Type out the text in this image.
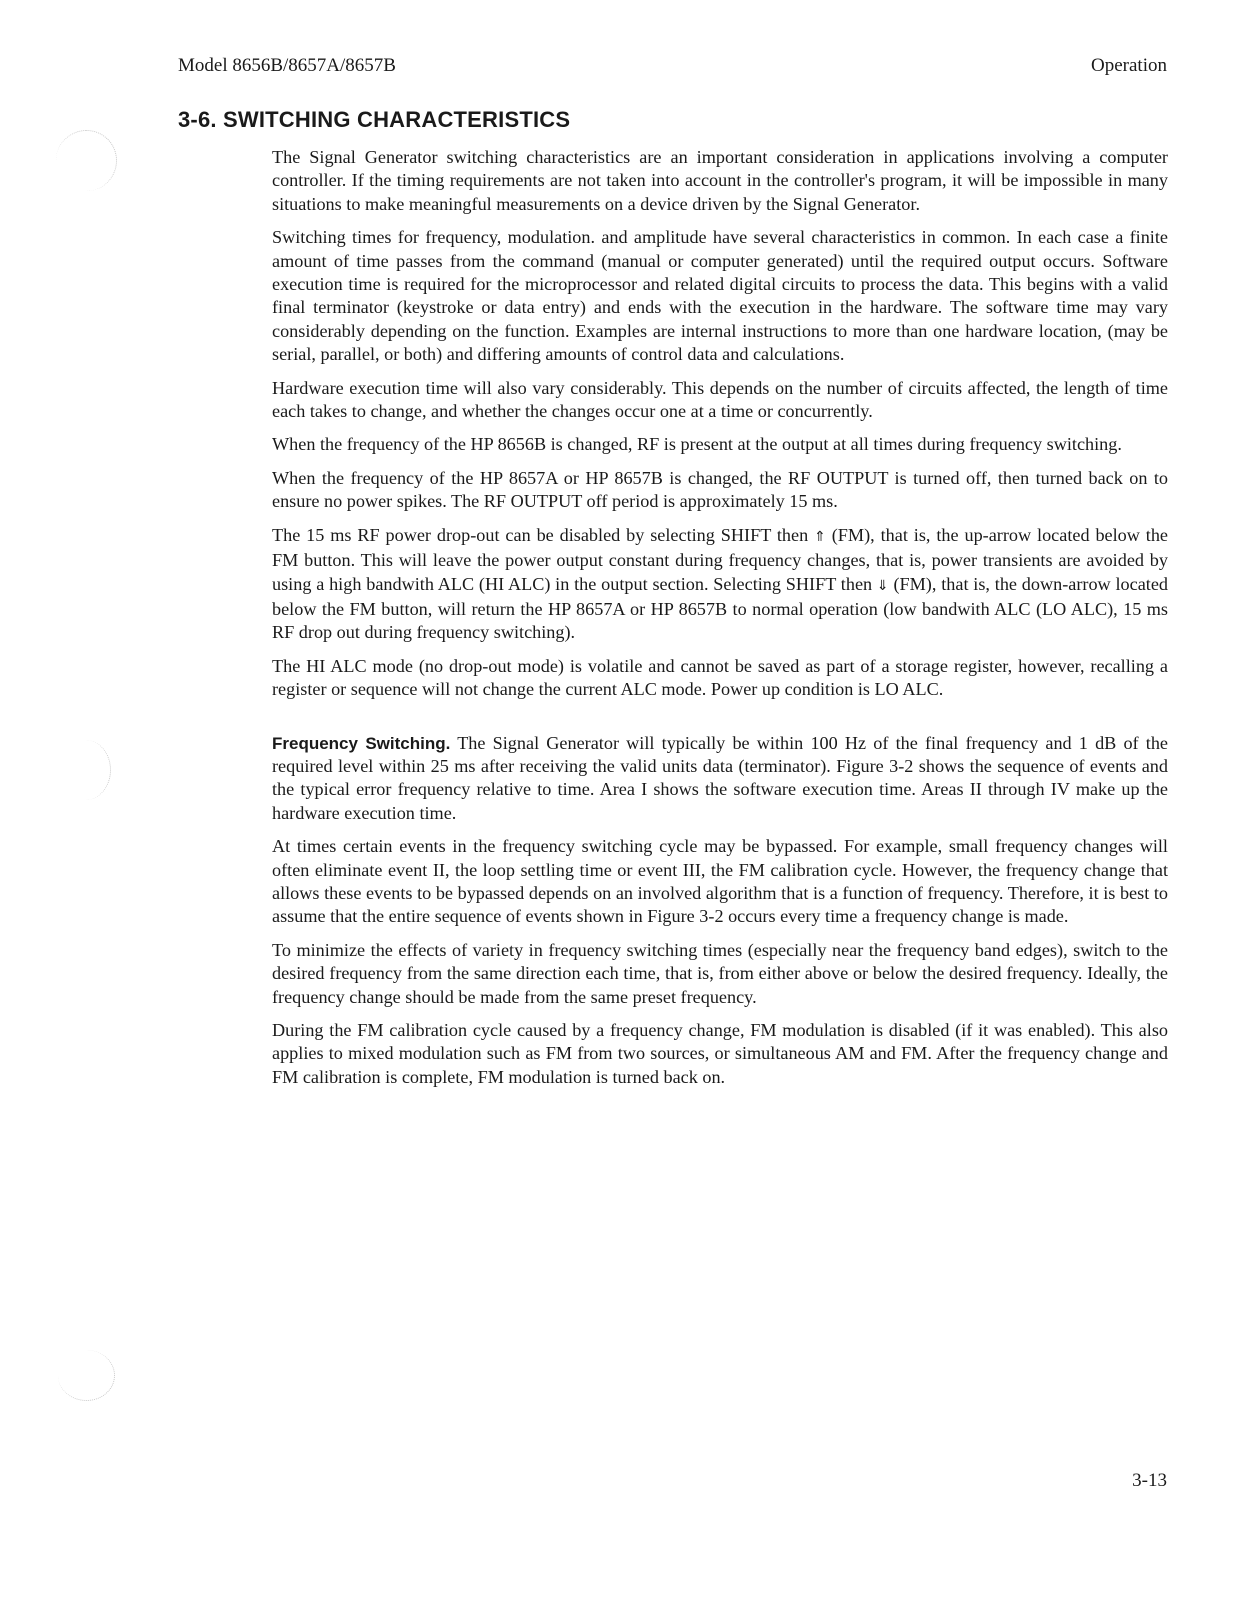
Model 8656B/8657A/8657B	Operation
3-6. SWITCHING CHARACTERISTICS

The Signal Generator switching characteristics are an important consideration in applications involving a computer controller. If the timing requirements are not taken into account in the controller's program, it will be impossible in many situations to make meaningful measurements on a device driven by the Signal Generator.

Switching times for frequency, modulation. and amplitude have several characteristics in common. In each case a finite amount of time passes from the command (manual or computer generated) until the required output occurs. Software execution time is required for the microprocessor and related digital circuits to process the data. This begins with a valid final terminator (keystroke or data entry) and ends with the execution in the hardware. The software time may vary considerably depending on the function. Examples are internal instructions to more than one hardware location, (may be serial, parallel, or both) and differing amounts of control data and calculations.

Hardware execution time will also vary considerably. This depends on the number of circuits affected, the length of time each takes to change, and whether the changes occur one at a time or concurrently.

When the frequency of the HP 8656B is changed, RF is present at the output at all times during frequency switching.

When the frequency of the HP 8657A or HP 8657B is changed, the RF OUTPUT is turned off, then turned back on to ensure no power spikes. The RF OUTPUT off period is approximately 15 ms.

The 15 ms RF power drop-out can be disabled by selecting SHIFT then ⇑ (FM), that is, the up-arrow located below the FM button. This will leave the power output constant during frequency changes, that is, power transients are avoided by using a high bandwith ALC (HI ALC) in the output section. Selecting SHIFT then ⇓ (FM), that is, the down-arrow located below the FM button, will return the HP 8657A or HP 8657B to normal operation (low bandwith ALC (LO ALC), 15 ms RF drop out during frequency switching).

The HI ALC mode (no drop-out mode) is volatile and cannot be saved as part of a storage register, however, recalling a register or sequence will not change the current ALC mode. Power up condition is LO ALC.

Frequency Switching. The Signal Generator will typically be within 100 Hz of the final frequency and 1 dB of the required level within 25 ms after receiving the valid units data (terminator). Figure 3-2 shows the sequence of events and the typical error frequency relative to time. Area I shows the software execution time. Areas II through IV make up the hardware execution time.

At times certain events in the frequency switching cycle may be bypassed. For example, small frequency changes will often eliminate event II, the loop settling time or event III, the FM calibration cycle. However, the frequency change that allows these events to be bypassed depends on an involved algorithm that is a function of frequency. Therefore, it is best to assume that the entire sequence of events shown in Figure 3-2 occurs every time a frequency change is made.

To minimize the effects of variety in frequency switching times (especially near the frequency band edges), switch to the desired frequency from the same direction each time, that is, from either above or below the desired frequency. Ideally, the frequency change should be made from the same preset frequency.

During the FM calibration cycle caused by a frequency change, FM modulation is disabled (if it was enabled). This also applies to mixed modulation such as FM from two sources, or simultaneous AM and FM. After the frequency change and FM calibration is complete, FM modulation is turned back on.

3-13
